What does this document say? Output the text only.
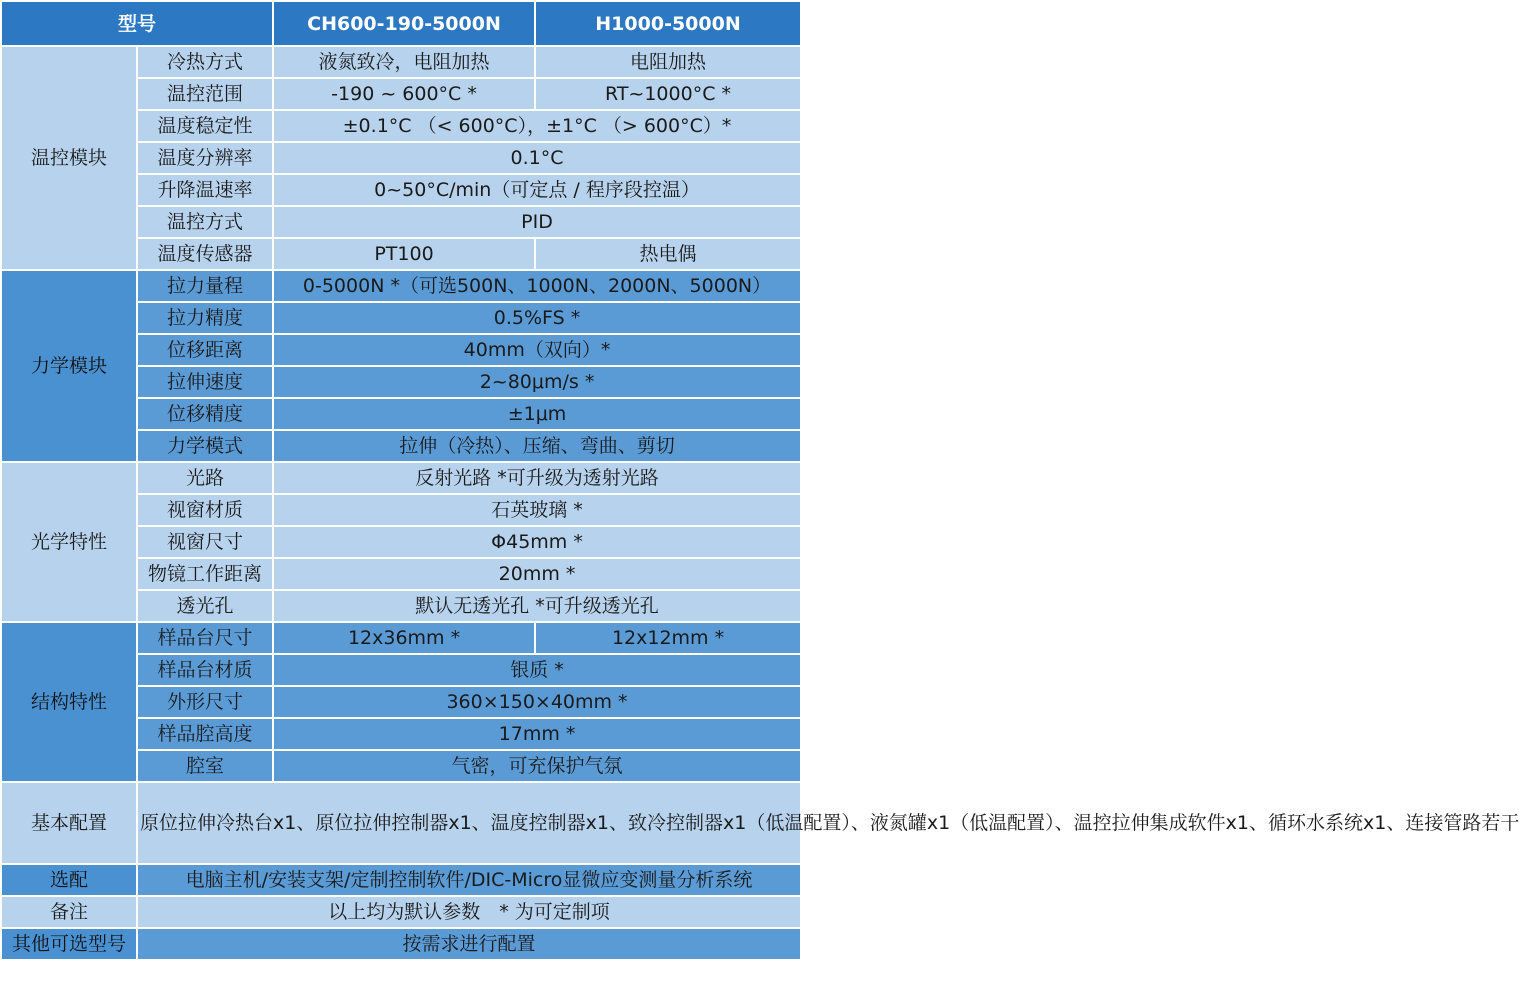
型号		CH600-190-5000N	H1000-5000N
温控模块	冷热方式	液氮致冷，电阻加热	电阻加热
	温控范围	-190 ~ 600°C *	RT~1000°C *
	温度稳定性	±0.1°C （< 600°C），±1°C （> 600°C）*	
	温度分辨率	0.1°C	
	升降温速率	0~50°C/min（可定点 / 程序段控温）	
	温控方式	PID	
	温度传感器	PT100	热电偶
力学模块	拉力量程	0-5000N *（可选500N、1000N、2000N、5000N）	
	拉力精度	0.5%FS *	
	位移距离	40mm（双向）*	
	拉伸速度	2~80μm/s *	
	位移精度	±1μm	
	力学模式	拉伸（冷热）、压缩、弯曲、剪切	
光学特性	光路	反射光路 *可升级为透射光路	
	视窗材质	石英玻璃 *	
	视窗尺寸	Φ45mm *	
	物镜工作距离	20mm *	
	透光孔	默认无透光孔 *可升级透光孔	
结构特性	样品台尺寸	12x36mm *	12x12mm *
	样品台材质	银质 *	
	外形尺寸	360×150×40mm *	
	样品腔高度	17mm *	
	腔室	气密，可充保护气氛	
基本配置	原位拉伸冷热台x1、原位拉伸控制器x1、温度控制器x1、致冷控制器x1（低温配置）、液氮罐x1（低温配置）、温控拉伸集成软件x1、循环水系统x1、连接管路若干		
选配	电脑主机/安装支架/定制控制软件/DIC-Micro显微应变测量分析系统		
备注	以上均为默认参数　* 为可定制项		
其他可选型号	按需求进行配置		
